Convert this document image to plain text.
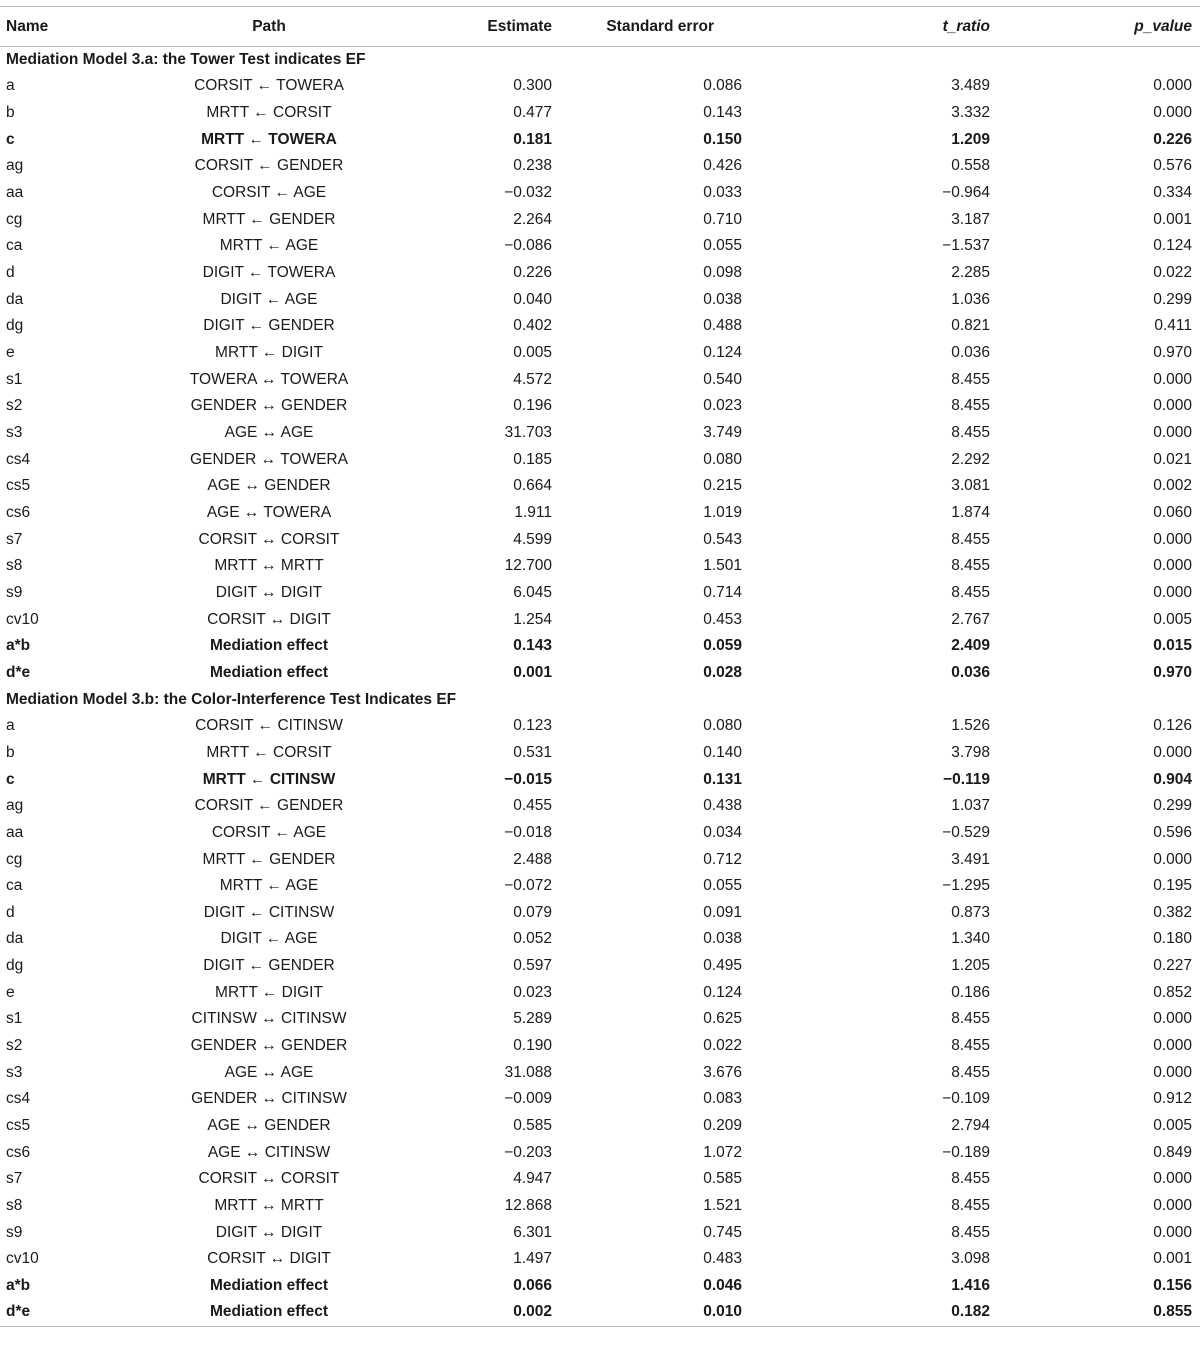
Name	Path	Estimate	Standard error	t_ratio	p_value
Mediation Model 3.a: the Tower Test indicates EF					
a	CORSIT ← TOWERA	0.300	0.086	3.489	0.000
b	MRTT ← CORSIT	0.477	0.143	3.332	0.000
c	MRTT ← TOWERA	0.181	0.150	1.209	0.226
ag	CORSIT ← GENDER	0.238	0.426	0.558	0.576
aa	CORSIT ← AGE	−0.032	0.033	−0.964	0.334
cg	MRTT ← GENDER	2.264	0.710	3.187	0.001
ca	MRTT ← AGE	−0.086	0.055	−1.537	0.124
d	DIGIT ← TOWERA	0.226	0.098	2.285	0.022
da	DIGIT ← AGE	0.040	0.038	1.036	0.299
dg	DIGIT ← GENDER	0.402	0.488	0.821	0.411
e	MRTT ← DIGIT	0.005	0.124	0.036	0.970
s1	TOWERA ↔ TOWERA	4.572	0.540	8.455	0.000
s2	GENDER ↔ GENDER	0.196	0.023	8.455	0.000
s3	AGE ↔ AGE	31.703	3.749	8.455	0.000
cs4	GENDER ↔ TOWERA	0.185	0.080	2.292	0.021
cs5	AGE ↔ GENDER	0.664	0.215	3.081	0.002
cs6	AGE ↔ TOWERA	1.911	1.019	1.874	0.060
s7	CORSIT ↔ CORSIT	4.599	0.543	8.455	0.000
s8	MRTT ↔ MRTT	12.700	1.501	8.455	0.000
s9	DIGIT ↔ DIGIT	6.045	0.714	8.455	0.000
cv10	CORSIT ↔ DIGIT	1.254	0.453	2.767	0.005
a*b	Mediation effect	0.143	0.059	2.409	0.015
d*e	Mediation effect	0.001	0.028	0.036	0.970
Mediation Model 3.b: the Color-Interference Test Indicates EF					
a	CORSIT ← CITINSW	0.123	0.080	1.526	0.126
b	MRTT ← CORSIT	0.531	0.140	3.798	0.000
c	MRTT ← CITINSW	−0.015	0.131	−0.119	0.904
ag	CORSIT ← GENDER	0.455	0.438	1.037	0.299
aa	CORSIT ← AGE	−0.018	0.034	−0.529	0.596
cg	MRTT ← GENDER	2.488	0.712	3.491	0.000
ca	MRTT ← AGE	−0.072	0.055	−1.295	0.195
d	DIGIT ← CITINSW	0.079	0.091	0.873	0.382
da	DIGIT ← AGE	0.052	0.038	1.340	0.180
dg	DIGIT ← GENDER	0.597	0.495	1.205	0.227
e	MRTT ← DIGIT	0.023	0.124	0.186	0.852
s1	CITINSW ↔ CITINSW	5.289	0.625	8.455	0.000
s2	GENDER ↔ GENDER	0.190	0.022	8.455	0.000
s3	AGE ↔ AGE	31.088	3.676	8.455	0.000
cs4	GENDER ↔ CITINSW	−0.009	0.083	−0.109	0.912
cs5	AGE ↔ GENDER	0.585	0.209	2.794	0.005
cs6	AGE ↔ CITINSW	−0.203	1.072	−0.189	0.849
s7	CORSIT ↔ CORSIT	4.947	0.585	8.455	0.000
s8	MRTT ↔ MRTT	12.868	1.521	8.455	0.000
s9	DIGIT ↔ DIGIT	6.301	0.745	8.455	0.000
cv10	CORSIT ↔ DIGIT	1.497	0.483	3.098	0.001
a*b	Mediation effect	0.066	0.046	1.416	0.156
d*e	Mediation effect	0.002	0.010	0.182	0.855
